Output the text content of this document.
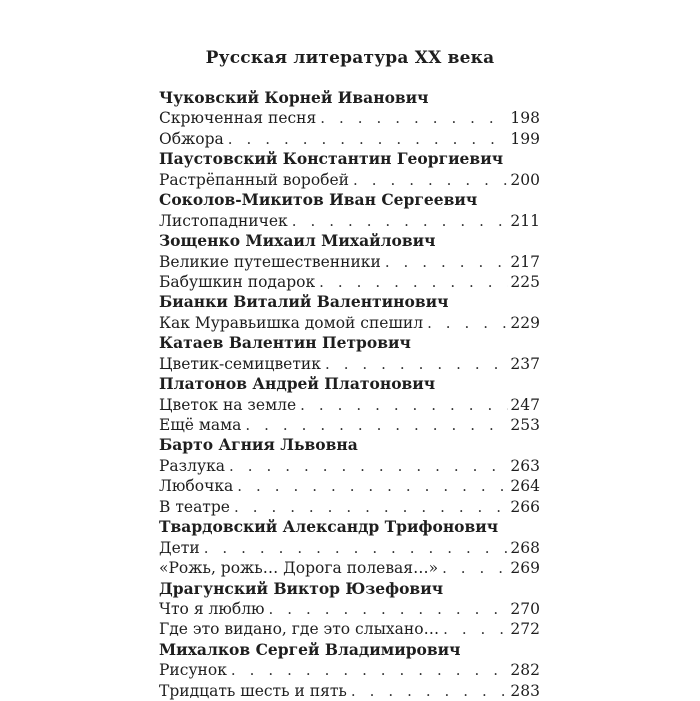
Русская литература XX века
Чуковский Корней Иванович
Скрюченная песня . . .	198
Обжора . . .	199
Паустовский Константин Георгиевич
Растрёпанный воробей . . .	200
Соколов-Микитов Иван Сергеевич
Листопадничек . . .	211
Зощенко Михаил Михайлович
Великие путешественники . . .	217
Бабушкин подарок . . .	225
Бианки Виталий Валентинович
Как Муравьишка домой спешил . . .	229
Катаев Валентин Петрович
Цветик-семицветик . . .	237
Платонов Андрей Платонович
Цветок на земле . . .	247
Ещё мама . . .	253
Барто Агния Львовна
Разлука . . .	263
Любочка . . .	264
В театре . . .	266
Твардовский Александр Трифонович
Дети . . .	268
«Рожь, рожь… Дорога полевая…» . . .	269
Драгунский Виктор Юзефович
Что я люблю . . .	270
Где это видано, где это слыхано… . . .	272
Михалков Сергей Владимирович
Рисунок . . .	282
Тридцать шесть и пять . . .	283
